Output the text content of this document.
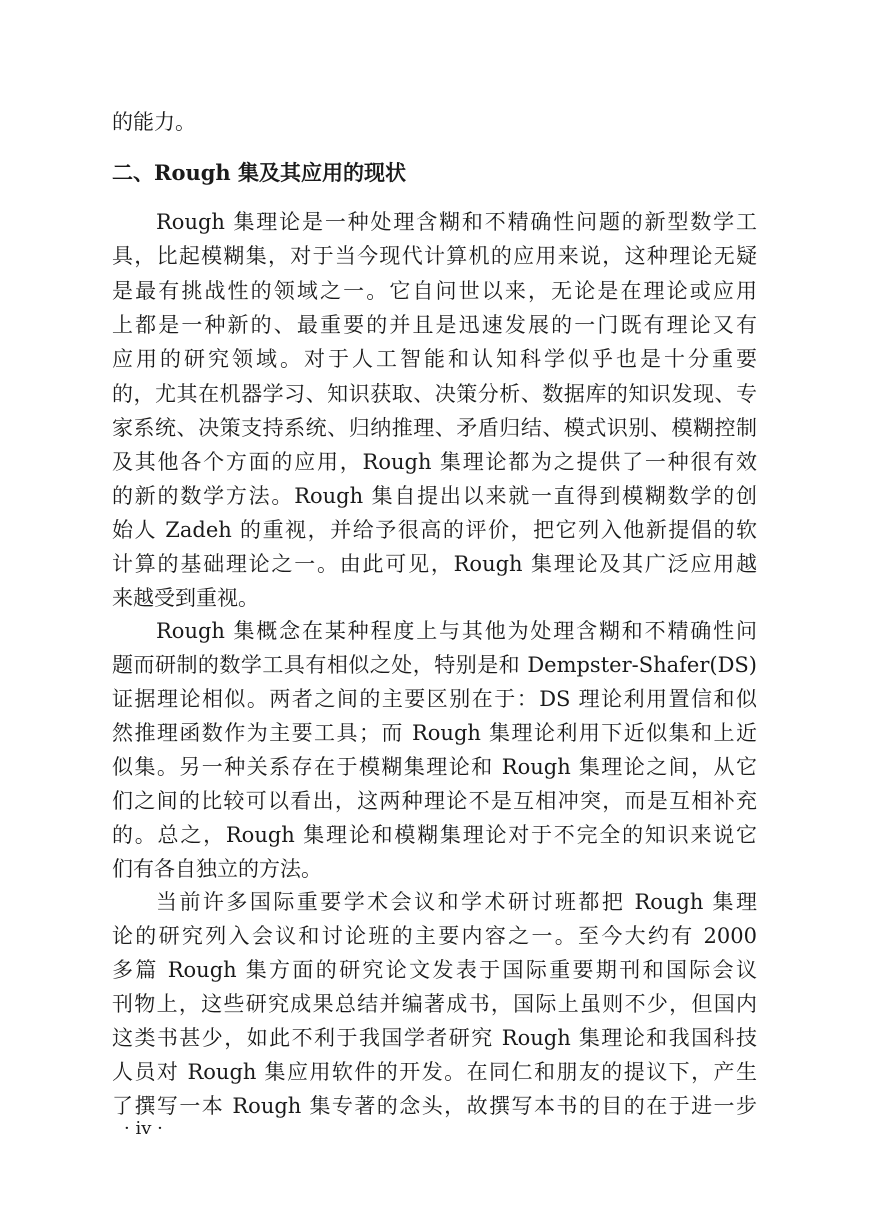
的能力。
二、Rough 集及其应用的现状
Rough 集理论是一种处理含糊和不精确性问题的新型数学工
具，比起模糊集，对于当今现代计算机的应用来说，这种理论无疑
是最有挑战性的领域之一。它自问世以来，无论是在理论或应用
上都是一种新的、最重要的并且是迅速发展的一门既有理论又有
应用的研究领域。对于人工智能和认知科学似乎也是十分重要
的，尤其在机器学习、知识获取、决策分析、数据库的知识发现、专
家系统、决策支持系统、归纳推理、矛盾归结、模式识别、模糊控制
及其他各个方面的应用，Rough 集理论都为之提供了一种很有效
的新的数学方法。Rough 集自提出以来就一直得到模糊数学的创
始人 Zadeh 的重视，并给予很高的评价，把它列入他新提倡的软
计算的基础理论之一。由此可见，Rough 集理论及其广泛应用越
来越受到重视。
Rough 集概念在某种程度上与其他为处理含糊和不精确性问
题而研制的数学工具有相似之处，特别是和 Dempster-Shafer(DS)
证据理论相似。两者之间的主要区别在于：DS 理论利用置信和似
然推理函数作为主要工具；而 Rough 集理论利用下近似集和上近
似集。另一种关系存在于模糊集理论和 Rough 集理论之间，从它
们之间的比较可以看出，这两种理论不是互相冲突，而是互相补充
的。总之，Rough 集理论和模糊集理论对于不完全的知识来说它
们有各自独立的方法。
当前许多国际重要学术会议和学术研讨班都把 Rough 集理
论的研究列入会议和讨论班的主要内容之一。至今大约有 2000
多篇 Rough 集方面的研究论文发表于国际重要期刊和国际会议
刊物上，这些研究成果总结并编著成书，国际上虽则不少，但国内
这类书甚少，如此不利于我国学者研究 Rough 集理论和我国科技
人员对 Rough 集应用软件的开发。在同仁和朋友的提议下，产生
了撰写一本 Rough 集专著的念头，故撰写本书的目的在于进一步
· iv ·
